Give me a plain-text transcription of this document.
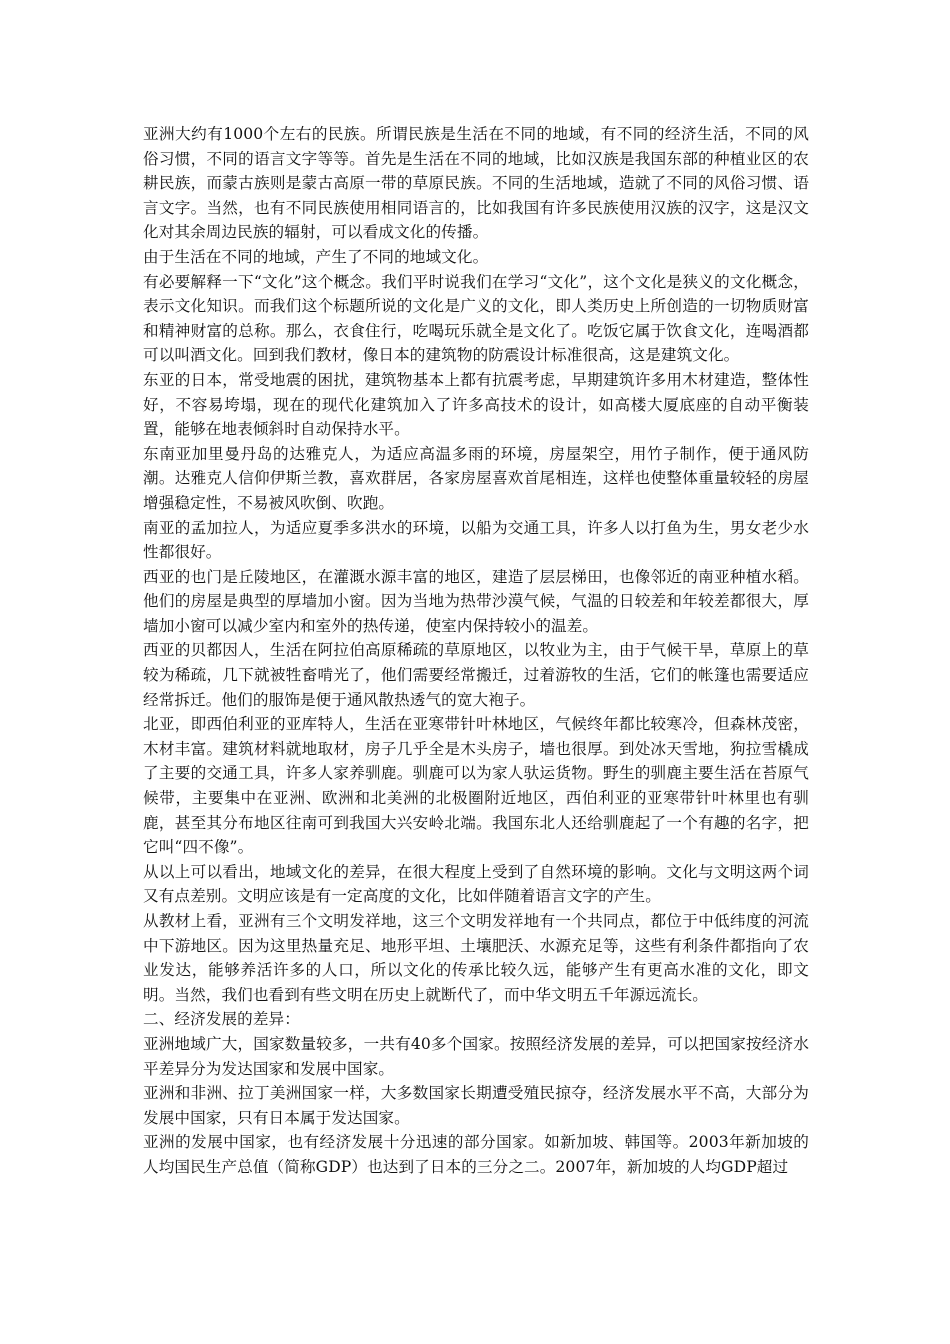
亚洲大约有1000个左右的民族。所谓民族是生活在不同的地域，有不同的经济生活，不同的风俗习惯，不同的语言文字等等。首先是生活在不同的地域，比如汉族是我国东部的种植业区的农耕民族，而蒙古族则是蒙古高原一带的草原民族。不同的生活地域，造就了不同的风俗习惯、语言文字。当然，也有不同民族使用相同语言的，比如我国有许多民族使用汉族的汉字，这是汉文化对其余周边民族的辐射，可以看成文化的传播。

由于生活在不同的地域，产生了不同的地域文化。

有必要解释一下“文化”这个概念。我们平时说我们在学习“文化”，这个文化是狭义的文化概念，表示文化知识。而我们这个标题所说的文化是广义的文化，即人类历史上所创造的一切物质财富和精神财富的总称。那么，衣食住行，吃喝玩乐就全是文化了。吃饭它属于饮食文化，连喝酒都可以叫酒文化。回到我们教材，像日本的建筑物的防震设计标准很高，这是建筑文化。

东亚的日本，常受地震的困扰，建筑物基本上都有抗震考虑，早期建筑许多用木材建造，整体性好，不容易垮塌，现在的现代化建筑加入了许多高技术的设计，如高楼大厦底座的自动平衡装置，能够在地表倾斜时自动保持水平。

东南亚加里曼丹岛的达雅克人，为适应高温多雨的环境，房屋架空，用竹子制作，便于通风防潮。达雅克人信仰伊斯兰教，喜欢群居，各家房屋喜欢首尾相连，这样也使整体重量较轻的房屋增强稳定性，不易被风吹倒、吹跑。

南亚的孟加拉人，为适应夏季多洪水的环境，以船为交通工具，许多人以打鱼为生，男女老少水性都很好。

西亚的也门是丘陵地区，在灌溉水源丰富的地区，建造了层层梯田，也像邻近的南亚种植水稻。他们的房屋是典型的厚墙加小窗。因为当地为热带沙漠气候，气温的日较差和年较差都很大，厚墙加小窗可以减少室内和室外的热传递，使室内保持较小的温差。

西亚的贝都因人，生活在阿拉伯高原稀疏的草原地区，以牧业为主，由于气候干旱，草原上的草较为稀疏，几下就被牲畜啃光了，他们需要经常搬迁，过着游牧的生活，它们的帐篷也需要适应经常拆迁。他们的服饰是便于通风散热透气的宽大袍子。

北亚，即西伯利亚的亚库特人，生活在亚寒带针叶林地区，气候终年都比较寒冷，但森林茂密，木材丰富。建筑材料就地取材，房子几乎全是木头房子，墙也很厚。到处冰天雪地，狗拉雪橇成了主要的交通工具，许多人家养驯鹿。驯鹿可以为家人驮运货物。野生的驯鹿主要生活在苔原气候带，主要集中在亚洲、欧洲和北美洲的北极圈附近地区，西伯利亚的亚寒带针叶林里也有驯鹿，甚至其分布地区往南可到我国大兴安岭北端。我国东北人还给驯鹿起了一个有趣的名字，把它叫“四不像”。

从以上可以看出，地域文化的差异，在很大程度上受到了自然环境的影响。文化与文明这两个词又有点差别。文明应该是有一定高度的文化，比如伴随着语言文字的产生。

从教材上看，亚洲有三个文明发祥地，这三个文明发祥地有一个共同点，都位于中低纬度的河流中下游地区。因为这里热量充足、地形平坦、土壤肥沃、水源充足等，这些有利条件都指向了农业发达，能够养活许多的人口，所以文化的传承比较久远，能够产生有更高水准的文化，即文明。当然，我们也看到有些文明在历史上就断代了，而中华文明五千年源远流长。

二、经济发展的差异：

亚洲地域广大，国家数量较多，一共有40多个国家。按照经济发展的差异，可以把国家按经济水平差异分为发达国家和发展中国家。

亚洲和非洲、拉丁美洲国家一样，大多数国家长期遭受殖民掠夺，经济发展水平不高，大部分为发展中国家，只有日本属于发达国家。

亚洲的发展中国家，也有经济发展十分迅速的部分国家。如新加坡、韩国等。2003年新加坡的人均国民生产总值（简称GDP）也达到了日本的三分之二。2007年，新加坡的人均GDP超过
